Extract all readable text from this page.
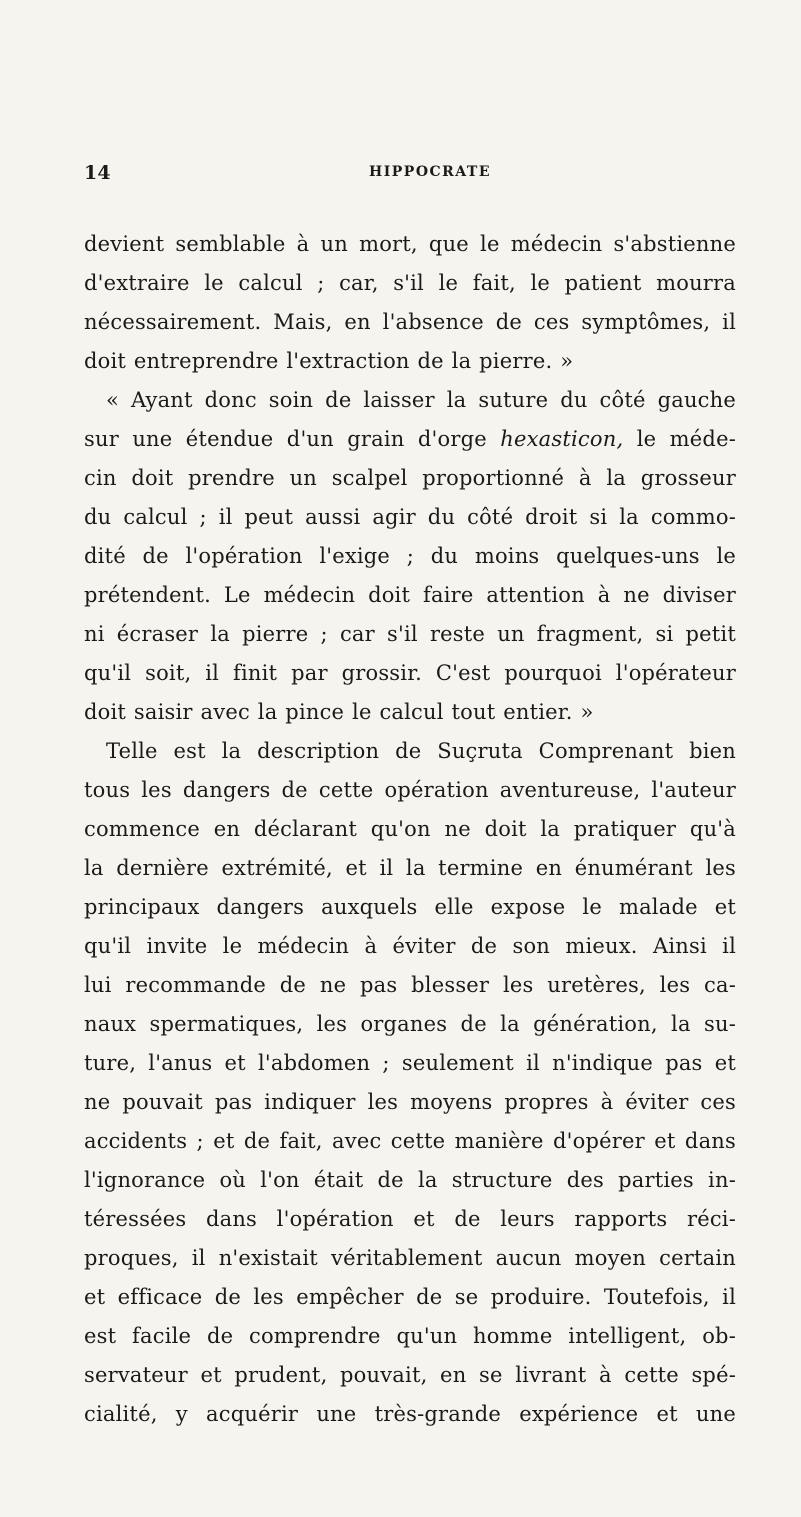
14	HIPPOCRATE
devient semblable à un mort, que le médecin s'abstienne
d'extraire le calcul ; car, s'il le fait, le patient mourra
nécessairement. Mais, en l'absence de ces symptômes, il
doit entreprendre l'extraction de la pierre. »
« Ayant donc soin de laisser la suture du côté gauche
sur une étendue d'un grain d'orge hexasticon, le méde-
cin doit prendre un scalpel proportionné à la grosseur
du calcul ; il peut aussi agir du côté droit si la commo-
dité de l'opération l'exige ; du moins quelques-uns le
prétendent. Le médecin doit faire attention à ne diviser
ni écraser la pierre ; car s'il reste un fragment, si petit
qu'il soit, il finit par grossir. C'est pourquoi l'opérateur
doit saisir avec la pince le calcul tout entier. »
Telle est la description de Suçruta Comprenant bien
tous les dangers de cette opération aventureuse, l'auteur
commence en déclarant qu'on ne doit la pratiquer qu'à
la dernière extrémité, et il la termine en énumérant les
principaux dangers auxquels elle expose le malade et
qu'il invite le médecin à éviter de son mieux. Ainsi il
lui recommande de ne pas blesser les uretères, les ca-
naux spermatiques, les organes de la génération, la su-
ture, l'anus et l'abdomen ; seulement il n'indique pas et
ne pouvait pas indiquer les moyens propres à éviter ces
accidents ; et de fait, avec cette manière d'opérer et dans
l'ignorance où l'on était de la structure des parties in-
téressées dans l'opération et de leurs rapports réci-
proques, il n'existait véritablement aucun moyen certain
et efficace de les empêcher de se produire. Toutefois, il
est facile de comprendre qu'un homme intelligent, ob-
servateur et prudent, pouvait, en se livrant à cette spé-
cialité, y acquérir une très-grande expérience et une
